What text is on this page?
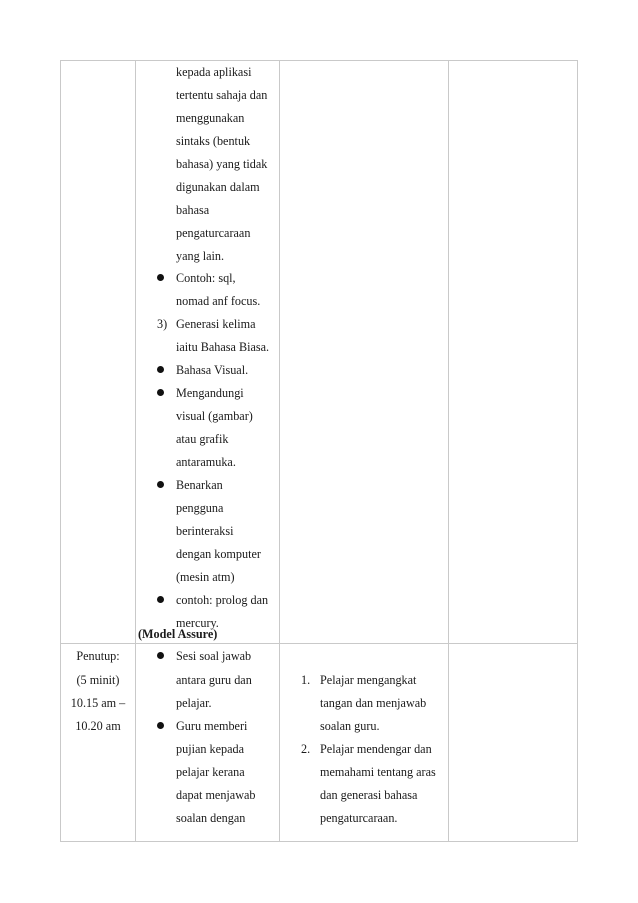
kepada aplikasi
tertentu sahaja dan
menggunakan
sintaks (bentuk
bahasa) yang tidak
digunakan dalam
bahasa
pengaturcaraan
yang lain.
Contoh: sql,
nomad anf focus.
3) Generasi kelima
iaitu Bahasa Biasa.
Bahasa Visual.
Mengandungi
visual (gambar)
atau grafik
antaramuka.
Benarkan
pengguna
berinteraksi
dengan komputer
(mesin atm)
contoh: prolog dan
mercury.
(Model Assure)
Penutup:
(5 minit)
10.15 am –
10.20 am
Sesi soal jawab
antara guru dan
pelajar.
Guru memberi
pujian kepada
pelajar kerana
dapat menjawab
soalan dengan
1. Pelajar mengangkat
tangan dan menjawab
soalan guru.
2. Pelajar mendengar dan
memahami tentang aras
dan generasi bahasa
pengaturcaraan.
